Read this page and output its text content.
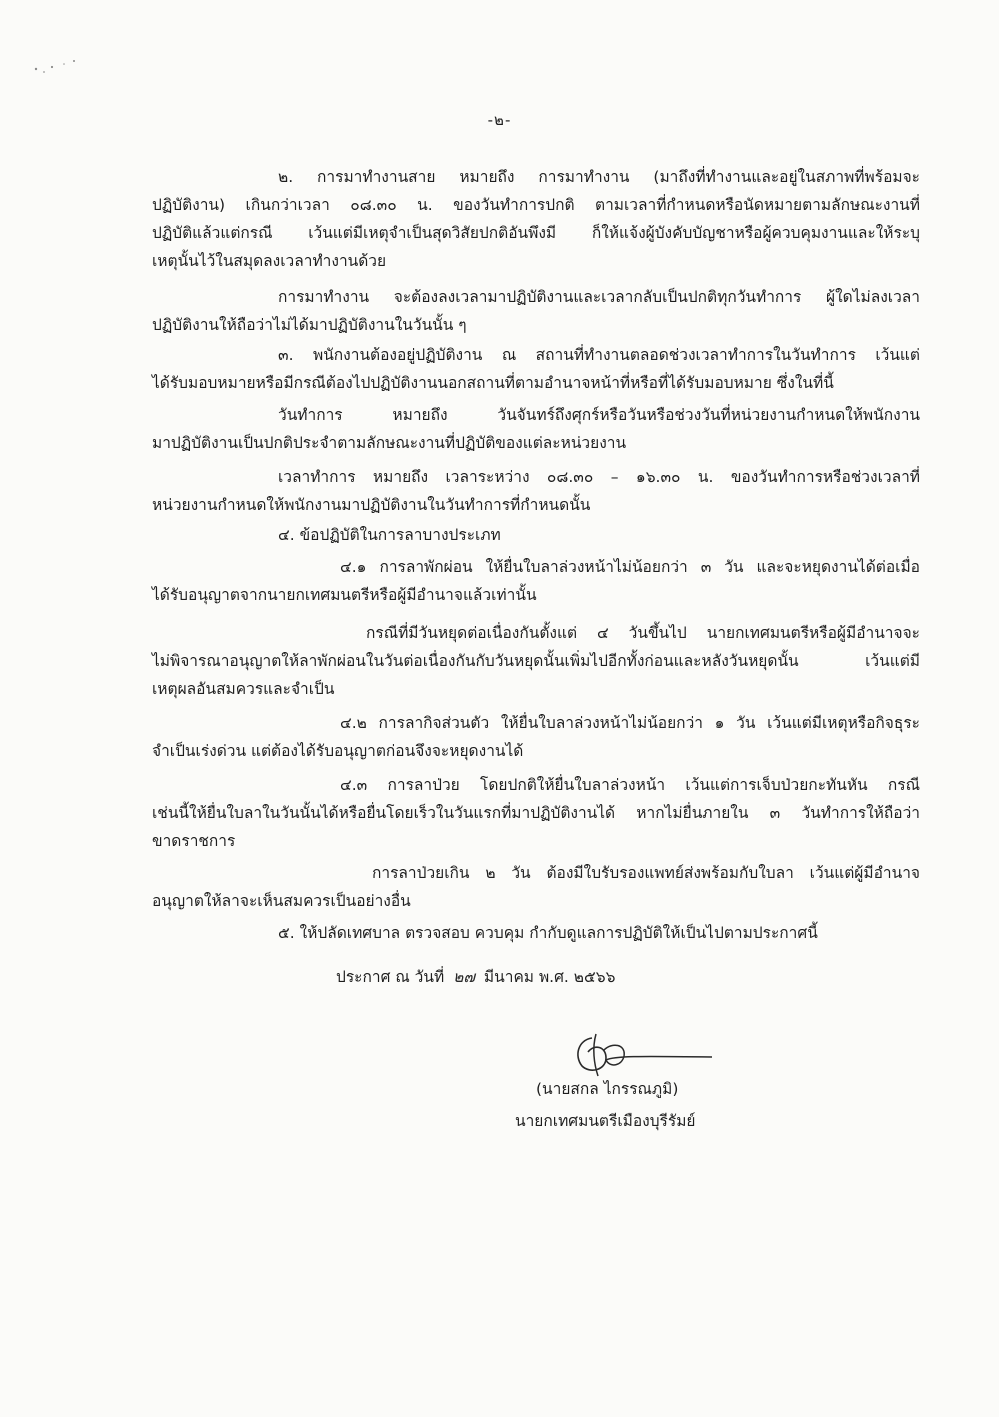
-๒-
๒. การมาทำงานสาย หมายถึง การมาทำงาน (มาถึงที่ทำงานและอยู่ในสภาพที่พร้อมจะ
ปฏิบัติงาน) เกินกว่าเวลา ๐๘.๓๐ น. ของวันทำการปกติ ตามเวลาที่กำหนดหรือนัดหมายตามลักษณะงานที่
ปฏิบัติแล้วแต่กรณี เว้นแต่มีเหตุจำเป็นสุดวิสัยปกติอันพึงมี ก็ให้แจ้งผู้บังคับบัญชาหรือผู้ควบคุมงานและให้ระบุ
เหตุนั้นไว้ในสมุดลงเวลาทำงานด้วย
การมาทำงาน จะต้องลงเวลามาปฏิบัติงานและเวลากลับเป็นปกติทุกวันทำการ ผู้ใดไม่ลงเวลา
ปฏิบัติงานให้ถือว่าไม่ได้มาปฏิบัติงานในวันนั้น ๆ
๓. พนักงานต้องอยู่ปฏิบัติงาน ณ สถานที่ทำงานตลอดช่วงเวลาทำการในวันทำการ เว้นแต่
ได้รับมอบหมายหรือมีกรณีต้องไปปฏิบัติงานนอกสถานที่ตามอำนาจหน้าที่หรือที่ได้รับมอบหมาย ซึ่งในที่นี้
วันทำการ หมายถึง วันจันทร์ถึงศุกร์หรือวันหรือช่วงวันที่หน่วยงานกำหนดให้พนักงาน
มาปฏิบัติงานเป็นปกติประจำตามลักษณะงานที่ปฏิบัติของแต่ละหน่วยงาน
เวลาทำการ หมายถึง เวลาระหว่าง ๐๘.๓๐ – ๑๖.๓๐ น. ของวันทำการหรือช่วงเวลาที่
หน่วยงานกำหนดให้พนักงานมาปฏิบัติงานในวันทำการที่กำหนดนั้น
๔. ข้อปฏิบัติในการลาบางประเภท
๔.๑ การลาพักผ่อน ให้ยื่นใบลาล่วงหน้าไม่น้อยกว่า ๓ วัน และจะหยุดงานได้ต่อเมื่อ
ได้รับอนุญาตจากนายกเทศมนตรีหรือผู้มีอำนาจแล้วเท่านั้น
กรณีที่มีวันหยุดต่อเนื่องกันตั้งแต่ ๔ วันขึ้นไป นายกเทศมนตรีหรือผู้มีอำนาจจะ
ไม่พิจารณาอนุญาตให้ลาพักผ่อนในวันต่อเนื่องกันกับวันหยุดนั้นเพิ่มไปอีกทั้งก่อนและหลังวันหยุดนั้น เว้นแต่มี
เหตุผลอันสมควรและจำเป็น
๔.๒ การลากิจส่วนตัว ให้ยื่นใบลาล่วงหน้าไม่น้อยกว่า ๑ วัน เว้นแต่มีเหตุหรือกิจธุระ
จำเป็นเร่งด่วน แต่ต้องได้รับอนุญาตก่อนจึงจะหยุดงานได้
๔.๓ การลาป่วย โดยปกติให้ยื่นใบลาล่วงหน้า เว้นแต่การเจ็บป่วยกะทันหัน กรณี
เช่นนี้ให้ยื่นใบลาในวันนั้นได้หรือยื่นโดยเร็วในวันแรกที่มาปฏิบัติงานได้ หากไม่ยื่นภายใน ๓ วันทำการให้ถือว่า
ขาดราชการ
การลาป่วยเกิน ๒ วัน ต้องมีใบรับรองแพทย์ส่งพร้อมกับใบลา เว้นแต่ผู้มีอำนาจ
อนุญาตให้ลาจะเห็นสมควรเป็นอย่างอื่น
๕. ให้ปลัดเทศบาล ตรวจสอบ ควบคุม กำกับดูแลการปฏิบัติให้เป็นไปตามประกาศนี้
ประกาศ ณ วันที่ ๒๗ มีนาคม พ.ศ. ๒๕๖๖
(นายสกล ไกรรณภูมิ)
นายกเทศมนตรีเมืองบุรีรัมย์
